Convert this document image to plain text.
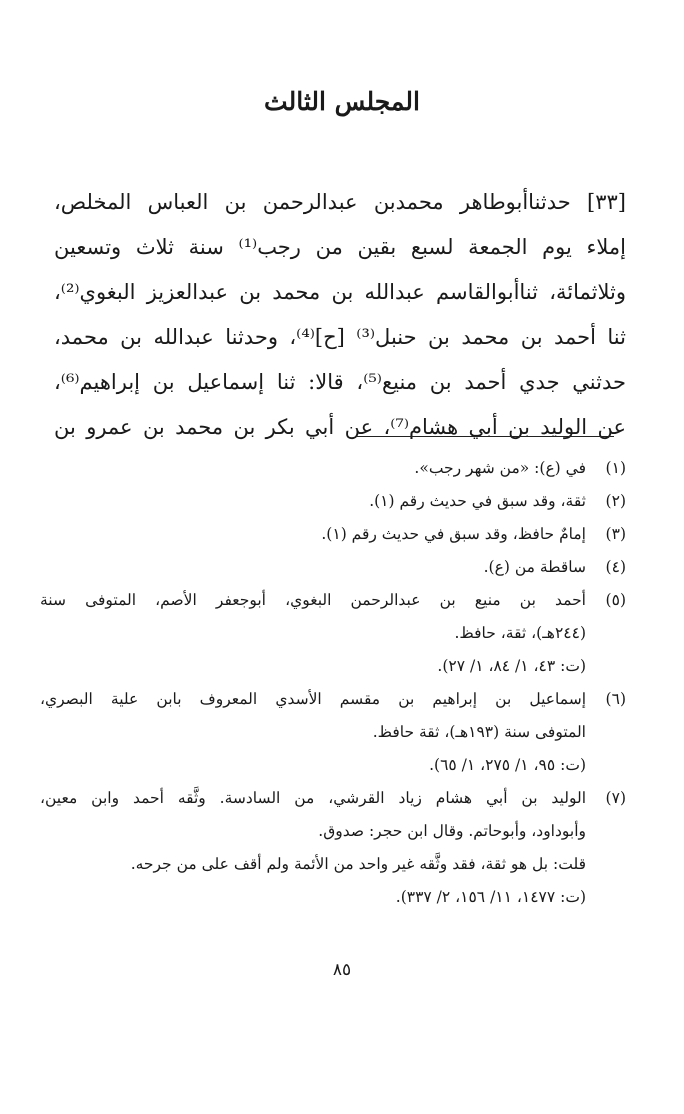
المجلس الثالث
[٣٣] حدثناأبوطاهر محمدبن عبدالرحمن بن العباس المخلص،
إملاء يوم الجمعة لسبع بقين من رجب⁽¹⁾ سنة ثلاث وتسعين
وثلاثمائة، ثناأبوالقاسم عبدالله بن محمد بن عبدالعزيز البغوي⁽²⁾،
ثنا أحمد بن محمد بن حنبل⁽³⁾ [ح]⁽⁴⁾، وحدثنا عبدالله بن محمد،
حدثني جدي أحمد بن منيع⁽⁵⁾، قالا: ثنا إسماعيل بن إبراهيم⁽⁶⁾،
عن الوليد بن أبي هشام⁽⁷⁾، عن أبي بكر بن محمد بن عمرو بن
(١)
في (ع): «من شهر رجب».
(٢)
ثقة، وقد سبق في حديث رقم (١).
(٣)
إمامٌ حافظ، وقد سبق في حديث رقم (١).
(٤)
ساقطة من (ع).
(٥)
أحمد بن منيع بن عبدالرحمن البغوي، أبوجعفر الأصم، المتوفى سنة
(٢٤٤هـ)، ثقة، حافظ.
(ت: ٤٣، ١/ ٨٤، ١/ ٢٧).
(٦)
إسماعيل بن إبراهيم بن مقسم الأسدي المعروف بابن علية البصري،
المتوفى سنة (١٩٣هـ)، ثقة حافظ.
(ت: ٩٥، ١/ ٢٧٥، ١/ ٦٥).
(٧)
الوليد بن أبي هشام زياد القرشي، من السادسة. وثَّقه أحمد وابن معين،
وأبوداود، وأبوحاتم. وقال ابن حجر: صدوق.
قلت: بل هو ثقة، فقد وثَّقه غير واحد من الأئمة ولم أقف على من جرحه.
(ت: ١٤٧٧، ١١/ ١٥٦، ٢/ ٣٣٧).
٨٥
